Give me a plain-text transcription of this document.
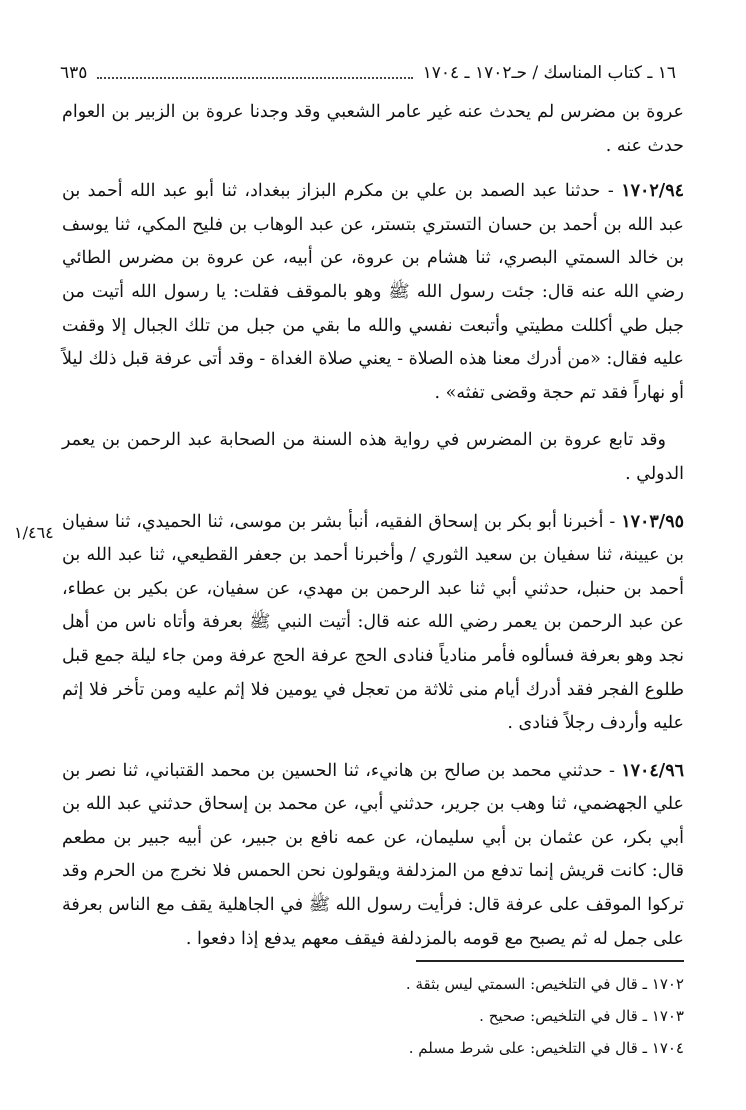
٦٣٥	١٦ ـ كتاب المناسك / حـ١٧٠٢ ـ ١٧٠٤
١/٤٦٤

عروة بن مضرس لم يحدث عنه غير عامر الشعبي وقد وجدنا عروة بن الزبير بن العوام حدث عنه .

١٧٠٢/٩٤ - حدثنا عبد الصمد بن علي بن مكرم البزاز ببغداد، ثنا أبو عبد الله أحمد بن عبد الله بن أحمد بن حسان التستري بتستر، عن عبد الوهاب بن فليح المكي، ثنا يوسف بن خالد السمتي البصري، ثنا هشام بن عروة، عن أبيه، عن عروة بن مضرس الطائي رضي الله عنه قال: جئت رسول الله ﷺ وهو بالموقف فقلت: يا رسول الله أتيت من جبل طي أكللت مطيتي وأتبعت نفسي والله ما بقي من جبل من تلك الجبال إلا وقفت عليه فقال: «من أدرك معنا هذه الصلاة - يعني صلاة الغداة - وقد أتى عرفة قبل ذلك ليلاً أو نهاراً فقد تم حجة وقضى تفثه» .

وقد تابع عروة بن المضرس في رواية هذه السنة من الصحابة عبد الرحمن بن يعمر الدولي .

١٧٠٣/٩٥ - أخبرنا أبو بكر بن إسحاق الفقيه، أنبأ بشر بن موسى، ثنا الحميدي، ثنا سفيان بن عيينة، ثنا سفيان بن سعيد الثوري / وأخبرنا أحمد بن جعفر القطيعي، ثنا عبد الله بن أحمد بن حنبل، حدثني أبي ثنا عبد الرحمن بن مهدي، عن سفيان، عن بكير بن عطاء، عن عبد الرحمن بن يعمر رضي الله عنه قال: أتيت النبي ﷺ بعرفة وأتاه ناس من أهل نجد وهو بعرفة فسألوه فأمر منادياً فنادى الحج عرفة الحج عرفة ومن جاء ليلة جمع قبل طلوع الفجر فقد أدرك أيام منى ثلاثة من تعجل في يومين فلا إثم عليه ومن تأخر فلا إثم عليه وأردف رجلاً فنادى .

١٧٠٤/٩٦ - حدثني محمد بن صالح بن هانيء، ثنا الحسين بن محمد القتباني، ثنا نصر بن علي الجهضمي، ثنا وهب بن جرير، حدثني أبي، عن محمد بن إسحاق حدثني عبد الله بن أبي بكر، عن عثمان بن أبي سليمان، عن عمه نافع بن جبير، عن أبيه جبير بن مطعم قال: كانت قريش إنما تدفع من المزدلفة ويقولون نحن الحمس فلا نخرج من الحرم وقد تركوا الموقف على عرفة قال: فرأيت رسول الله ﷺ في الجاهلية يقف مع الناس بعرفة على جمل له ثم يصبح مع قومه بالمزدلفة فيقف معهم يدفع إذا دفعوا .

١٧٠٢ ـ قال في التلخيص: السمتي ليس بثقة .
١٧٠٣ ـ قال في التلخيص: صحيح .
١٧٠٤ ـ قال في التلخيص: على شرط مسلم .
